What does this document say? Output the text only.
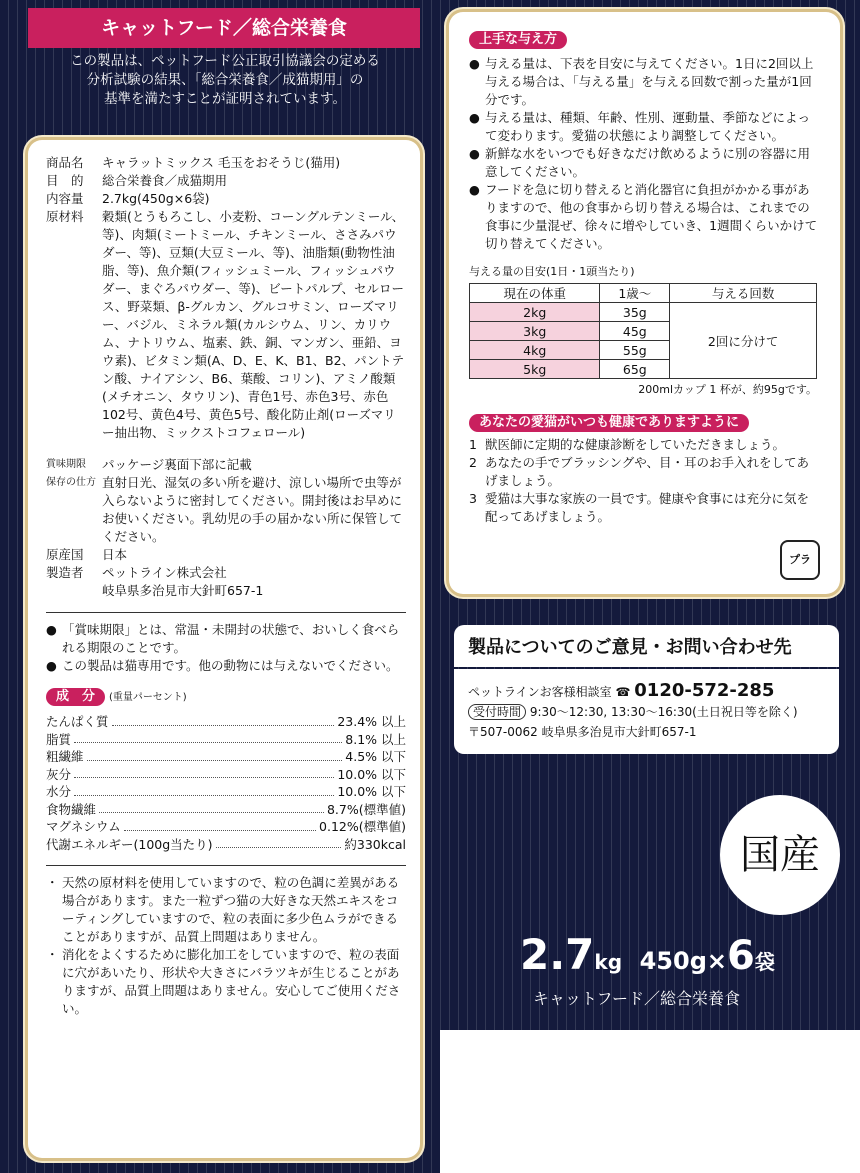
キャットフード／総合栄養食
この製品は、ペットフード公正取引協議会の定める
分析試験の結果、「総合栄養食／成猫期用」の
基準を満たすことが証明されています。
商品名	キャラットミックス 毛玉をおそうじ(猫用)
目　的	総合栄養食／成猫期用
内容量	2.7kg(450g×6袋)
原材料	穀類(とうもろこし、小麦粉、コーングルテンミール、等)、肉類(ミートミール、チキンミール、ささみパウダー、等)、豆類(大豆ミール、等)、油脂類(動物性油脂、等)、魚介類(フィッシュミール、フィッシュパウダー、まぐろパウダー、等)、ビートパルプ、セルロース、野菜類、β-グルカン、グルコサミン、ローズマリー、バジル、ミネラル類(カルシウム、リン、カリウム、ナトリウム、塩素、鉄、銅、マンガン、亜鉛、ヨウ素)、ビタミン類(A、D、E、K、B1、B2、パントテン酸、ナイアシン、B6、葉酸、コリン)、アミノ酸類(メチオニン、タウリン)、青色1号、赤色3号、赤色102号、黄色4号、黄色5号、酸化防止剤(ローズマリー抽出物、ミックストコフェロール)
賞味期限	パッケージ裏面下部に記載
保存の仕方 直射日光、湿気の多い所を避け、涼しい場所で虫等が入らないように密封してください。開封後はお早めにお使いください。乳幼児の手の届かない所に保管してください。
原産国	日本
製造者	ペットライン株式会社
岐阜県多治見市大針町657-1
● 「賞味期限」とは、常温・未開封の状態で、おいしく食べられる期限のことです。
● この製品は猫専用です。他の動物には与えないでください。
成　分 (重量パーセント)
たんぱく質	23.4% 以上
脂質	8.1% 以上
粗繊維	4.5% 以下
灰分	10.0% 以下
水分	10.0% 以下
食物繊維	8.7%(標準値)
マグネシウム	0.12%(標準値)
代謝エネルギー(100g当たり)	約330kcal
・ 天然の原材料を使用していますので、粒の色調に差異がある場合があります。また一粒ずつ猫の大好きな天然エキスをコーティングしていますので、粒の表面に多少色ムラができることがありますが、品質上問題はありません。
・ 消化をよくするために膨化加工をしていますので、粒の表面に穴があいたり、形状や大きさにバラツキが生じることがありますが、品質上問題はありません。安心してご使用ください。
上手な与え方
● 与える量は、下表を目安に与えてください。1日に2回以上与える場合は、「与える量」を与える回数で割った量が1回分です。
● 与える量は、種類、年齢、性別、運動量、季節などによって変わります。愛猫の状態により調整してください。
● 新鮮な水をいつでも好きなだけ飲めるように別の容器に用意してください。
● フードを急に切り替えると消化器官に負担がかかる事がありますので、他の食事から切り替える場合は、これまでの食事に少量混ぜ、徐々に増やしていき、1週間くらいかけて切り替えてください。
与える量の目安(1日・1頭当たり)
現在の体重	1歳〜	与える回数
2kg	35g	2回に分けて
3kg	45g	
4kg	55g	
5kg	65g	
200mlカップ 1 杯が、約95gです。
あなたの愛猫がいつも健康でありますように
1 獣医師に定期的な健康診断をしていただきましょう。
2 あなたの手でブラッシングや、目・耳のお手入れをしてあげましょう。
3 愛猫は大事な家族の一員です。健康や食事には充分に気を配ってあげましょう。
プラ
製品についてのご意見・お問い合わせ先
ペットラインお客様相談室 ☎ 0120-572-285
受付時間 9:30〜12:30, 13:30〜16:30(土日祝日等を除く)
〒507-0062 岐阜県多治見市大針町657-1
国産
2.7kg 450g×6袋
キャットフード／総合栄養食
